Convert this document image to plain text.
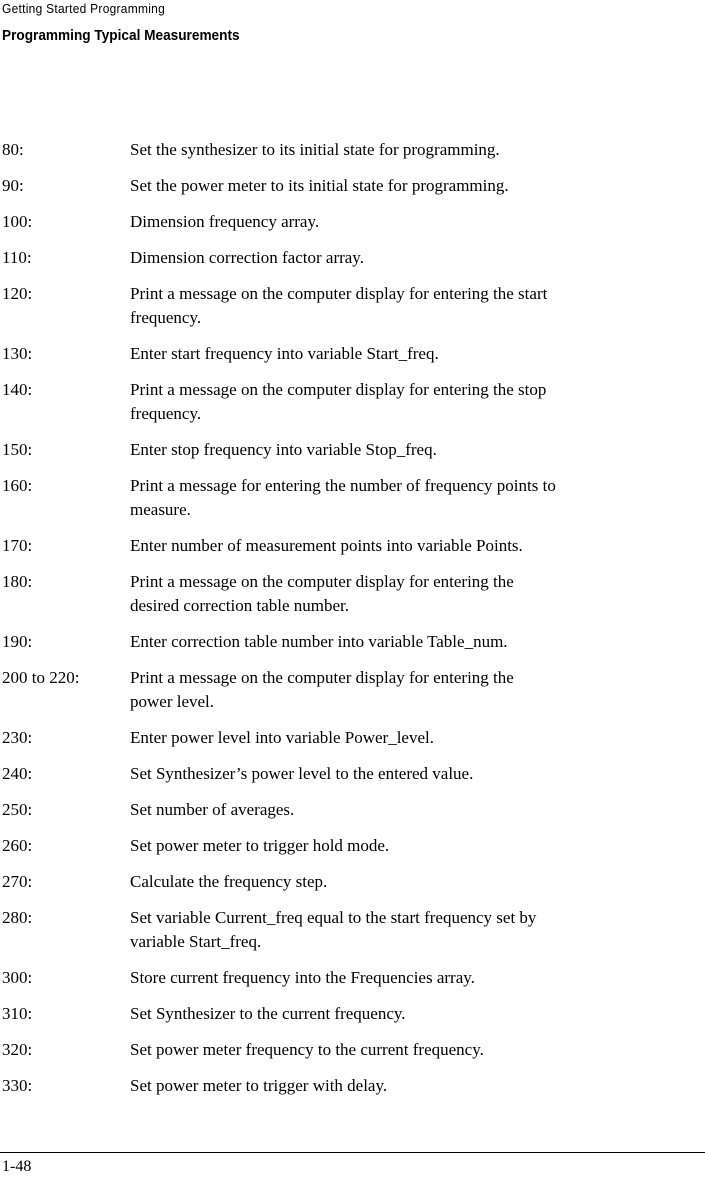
Getting Started Programming
Programming Typical Measurements
80:	Set the synthesizer to its initial state for programming.
90:	Set the power meter to its initial state for programming.
100:	Dimension frequency array.
110:	Dimension correction factor array.
120:	Print a message on the computer display for entering the start
frequency.
130:	Enter start frequency into variable Start_freq.
140:	Print a message on the computer display for entering the stop
frequency.
150:	Enter stop frequency into variable Stop_freq.
160:	Print a message for entering the number of frequency points to
measure.
170:	Enter number of measurement points into variable Points.
180:	Print a message on the computer display for entering the
desired correction table number.
190:	Enter correction table number into variable Table_num.
200 to 220:	Print a message on the computer display for entering the
power level.
230:	Enter power level into variable Power_level.
240:	Set Synthesizer’s power level to the entered value.
250:	Set number of averages.
260:	Set power meter to trigger hold mode.
270:	Calculate the frequency step.
280:	Set variable Current_freq equal to the start frequency set by
variable Start_freq.
300:	Store current frequency into the Frequencies array.
310:	Set Synthesizer to the current frequency.
320:	Set power meter frequency to the current frequency.
330:	Set power meter to trigger with delay.
1-48
